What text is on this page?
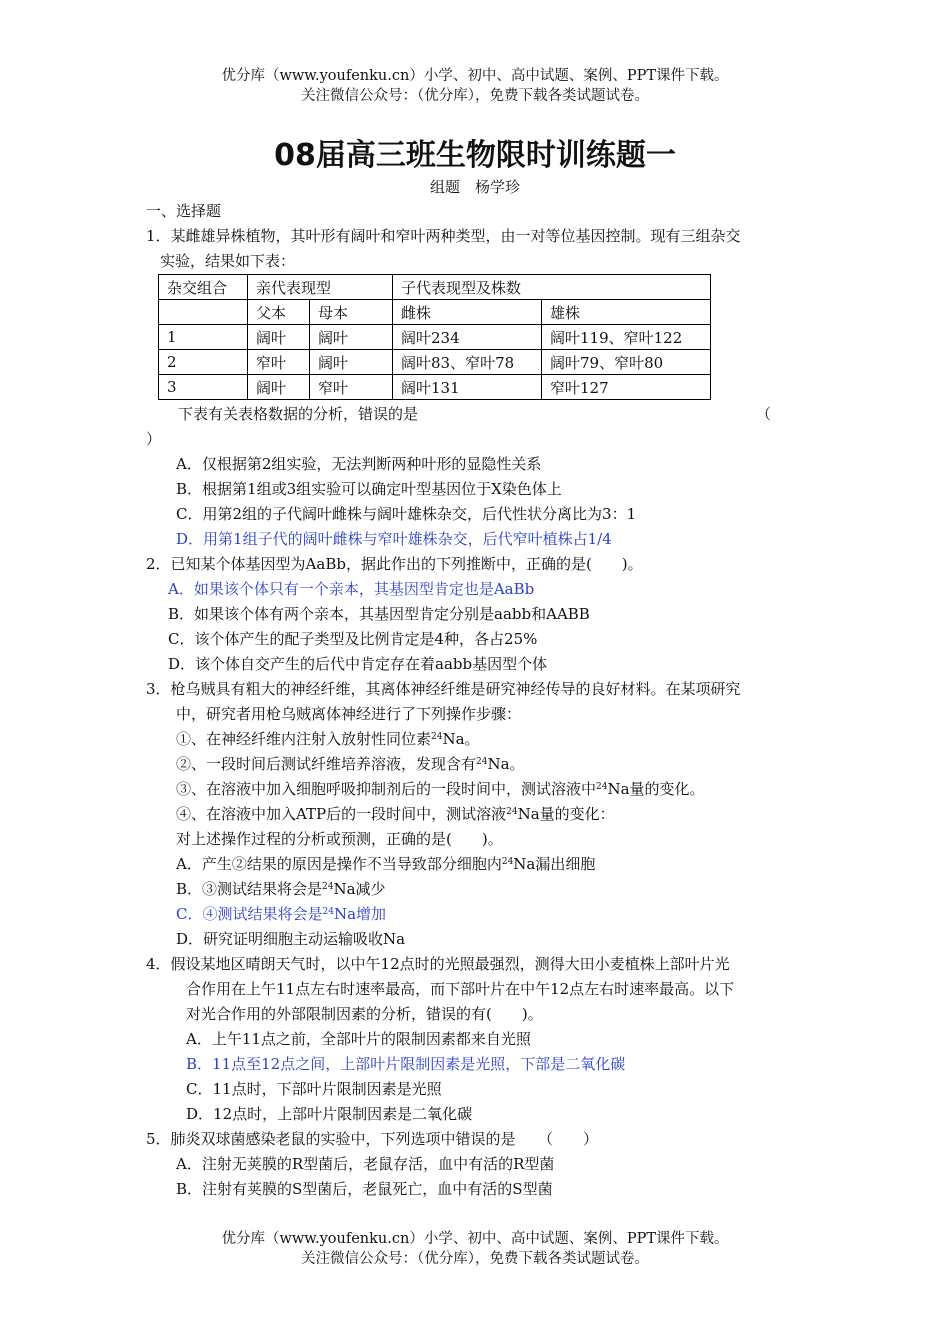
优分库（www.youfenku.cn）小学、初中、高中试题、案例、PPT课件下载。
关注微信公众号：（优分库），免费下载各类试题试卷。
08届高三班生物限时训练题一
组题　杨学珍
一、选择题
1．某雌雄异株植物，其叶形有阔叶和窄叶两种类型，由一对等位基因控制。现有三组杂交
实验，结果如下表：
杂交组合	亲代表现型		子代表现型及株数	
	父本	母本	雌株	雄株
1	阔叶	阔叶	阔叶234	阔叶119、窄叶122
2	窄叶	阔叶	阔叶83、窄叶78	阔叶79、窄叶80
3	阔叶	窄叶	阔叶131	窄叶127
下表有关表格数据的分析，错误的是	（
）
A．仅根据第2组实验，无法判断两种叶形的显隐性关系
B．根据第1组或3组实验可以确定叶型基因位于X染色体上
C．用第2组的子代阔叶雌株与阔叶雄株杂交，后代性状分离比为3：1
D．用第1组子代的阔叶雌株与窄叶雄株杂交，后代窄叶植株占1/4
2．已知某个体基因型为AaBb，据此作出的下列推断中，正确的是(　　)。
A．如果该个体只有一个亲本，其基因型肯定也是AaBb
B．如果该个体有两个亲本，其基因型肯定分别是aabb和AABB
C．该个体产生的配子类型及比例肯定是4种，各占25%
D．该个体自交产生的后代中肯定存在着aabb基因型个体
3．枪乌贼具有粗大的神经纤维，其离体神经纤维是研究神经传导的良好材料。在某项研究
中，研究者用枪乌贼离体神经进行了下列操作步骤：
①、在神经纤维内注射入放射性同位素$^{24}$Na。
②、一段时间后测试纤维培养溶液，发现含有$^{24}$Na。
③、在溶液中加入细胞呼吸抑制剂后的一段时间中，测试溶液中$^{24}$Na量的变化。
④、在溶液中加入ATP后的一段时间中，测试溶液$^{24}$Na量的变化：
对上述操作过程的分析或预测，正确的是(　　)。
A．产生②结果的原因是操作不当导致部分细胞内$^{24}$Na漏出细胞
B．③测试结果将会是$^{24}$Na减少
C．④测试结果将会是$^{24}$Na增加
D．研究证明细胞主动运输吸收Na
4．假设某地区晴朗天气时，以中午12点时的光照最强烈，测得大田小麦植株上部叶片光
合作用在上午11点左右时速率最高，而下部叶片在中午12点左右时速率最高。以下
对光合作用的外部限制因素的分析，错误的有(　　)。
A．上午11点之前，全部叶片的限制因素都来自光照
B．11点至12点之间，上部叶片限制因素是光照，下部是二氧化碳
C．11点时，下部叶片限制因素是光照
D．12点时，上部叶片限制因素是二氧化碳
5．肺炎双球菌感染老鼠的实验中，下列选项中错误的是　　（　　）
A．注射无荚膜的R型菌后，老鼠存活，血中有活的R型菌
B．注射有荚膜的S型菌后，老鼠死亡，血中有活的S型菌
优分库（www.youfenku.cn）小学、初中、高中试题、案例、PPT课件下载。
关注微信公众号：（优分库），免费下载各类试题试卷。
